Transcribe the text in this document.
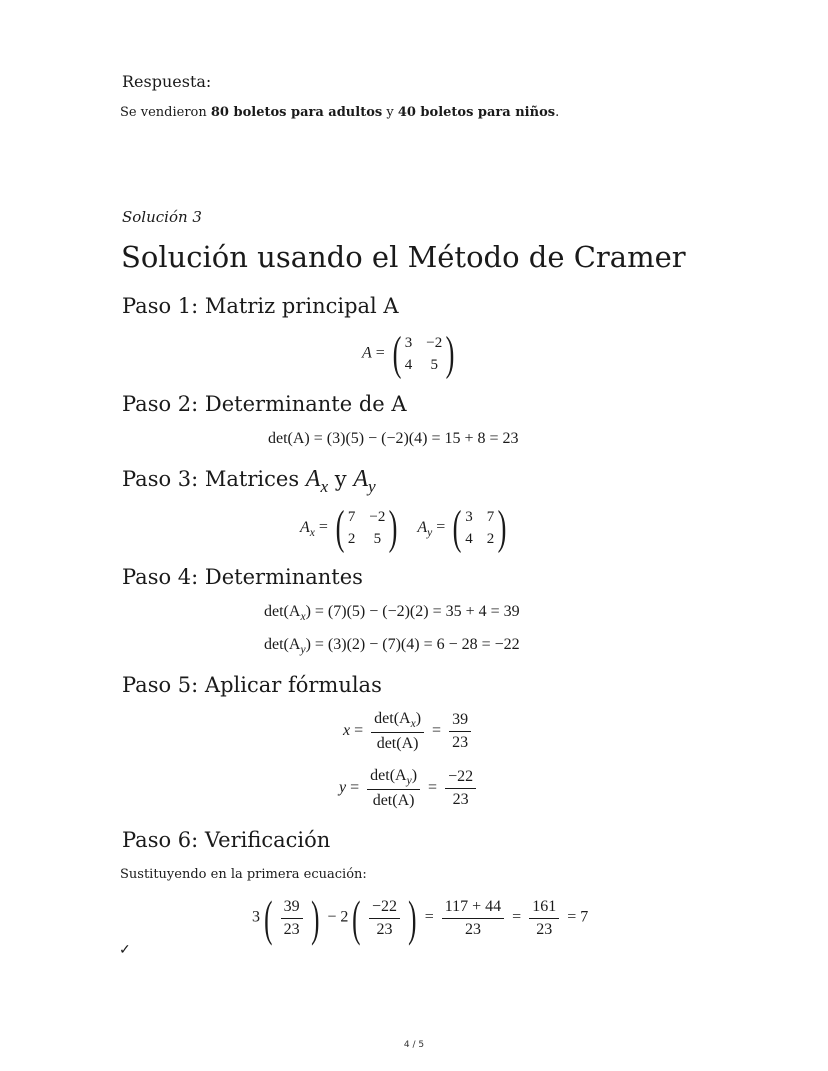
Respuesta:
Se vendieron 80 boletos para adultos y 40 boletos para niños.
Solución 3
Solución usando el Método de Cramer
Paso 1: Matriz principal A
A = ( 3 −2
4 5 )
Paso 2: Determinante de A
det(A) = (3)(5) − (−2)(4) = 15 + 8 = 23
Paso 3: Matrices $A_x$ y $A_y$
$A_x$ = ( 7 −2
2 5 ) $A_y$ = ( 3 7
4 2 )
Paso 4: Determinantes
$\det(A_x) = (7)(5) - (-2)(2) = 35 + 4 = 39$
$\det(A_y) = (3)(2) - (7)(4) = 6 - 28 = -22$
Paso 5: Aplicar fórmulas
$x = \frac{\det(A_x)}{\det(A)} = \frac{39}{23}$
$y = \frac{\det(A_y)}{\det(A)} = \frac{-22}{23}$
Paso 6: Verificación
Sustituyendo en la primera ecuación:
$3( \frac{39}{23}$ ) − $2( \frac{-22}{23}$ ) = $\frac{117 + 44}{23} = \frac{161}{23} = 7$
✓
4 / 5
